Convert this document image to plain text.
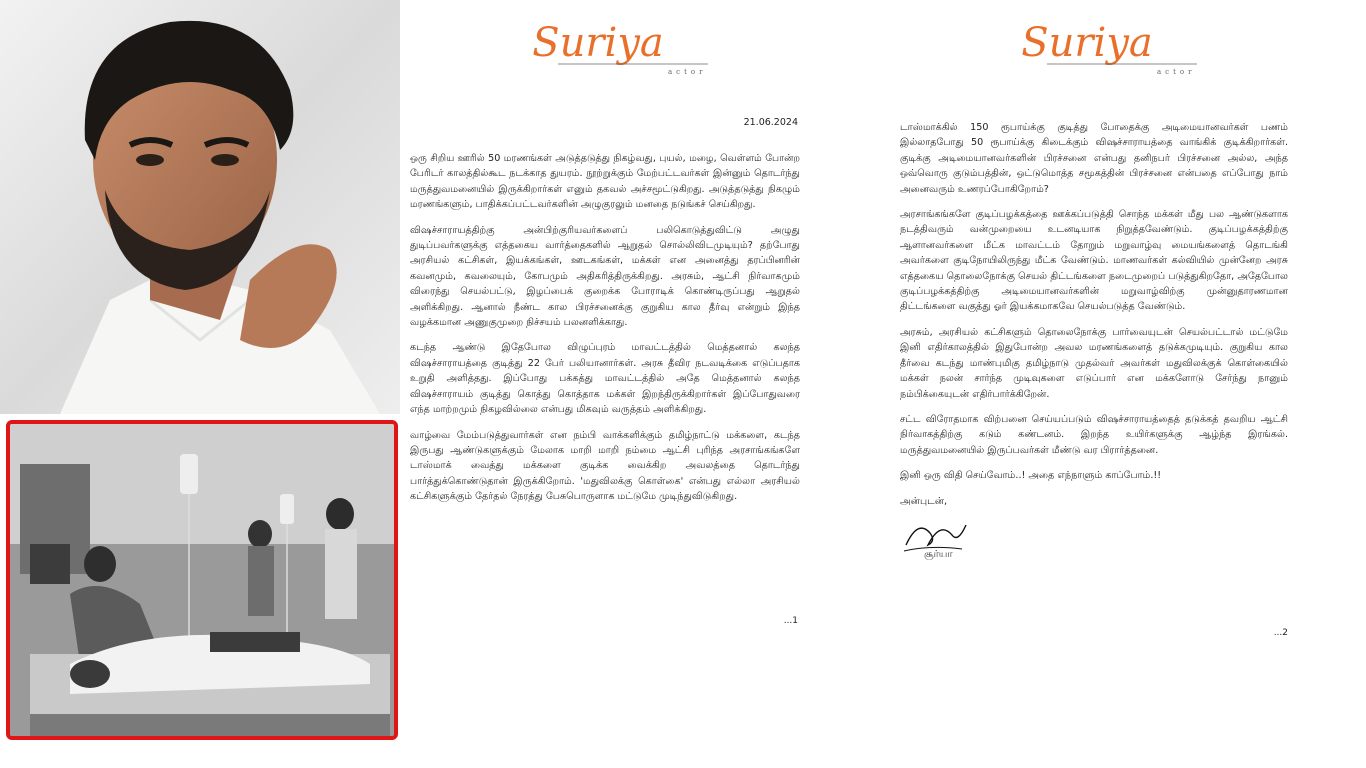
Suriya
actor
21.06.2024

ஒரு சிறிய ஊரில் 50 மரணங்கள் அடுத்தடுத்து நிகழ்வது, புயல், மழை, வெள்ளம் போன்ற பேரிடர் காலத்தில்கூட நடக்காத துயரம். நூற்றுக்கும் மேற்பட்டவர்கள் இன்னும் தொடர்ந்து மருத்துவமனையில் இருக்கிறார்கள் எனும் தகவல் அச்சமூட்டுகிறது. அடுத்தடுத்து நிகழும் மரணங்களும், பாதிக்கப்பட்டவர்களின் அழுகுரலும் மனதை நடுங்கச் செய்கிறது.

விஷச்சாராயத்திற்கு அன்பிற்குரியவர்களைப் பலிகொடுத்துவிட்டு அழுது துடிப்பவர்களுக்கு எத்தகைய வார்த்தைகளில் ஆறுதல் சொல்லிவிடமுடியும்? தற்போது அரசியல் கட்சிகள், இயக்கங்கள், ஊடகங்கள், மக்கள் என அனைத்து தரப்பினரின் கவனமும், கவலையும், கோபமும் அதிகரித்திருக்கிறது. அரசும், ஆட்சி நிர்வாகமும் விரைந்து செயல்பட்டு, இழப்பைக் குறைக்க போராடிக் கொண்டிருப்பது ஆறுதல் அளிக்கிறது. ஆனால் நீண்ட கால பிரச்சனைக்கு குறுகிய கால தீர்வு என்றும் இந்த வழக்கமான அணுகுமுறை நிச்சயம் பலனளிக்காது.

கடந்த ஆண்டு இதேபோல விழுப்புரம் மாவட்டத்தில் மெத்தனால் கலந்த விஷச்சாராயத்தை குடித்து 22 பேர் பலியானார்கள். அரசு தீவிர நடவடிக்கை எடுப்பதாக உறுதி அளித்தது. இப்போது பக்கத்து மாவட்டத்தில் அதே மெத்தனால் கலந்த விஷச்சாராயம் குடித்து கொத்து கொத்தாக மக்கள் இறந்திருக்கிறார்கள் இப்போதுவரை எந்த மாற்றமும் நிகழவில்லை என்பது மிகவும் வருத்தம் அளிக்கிறது.

வாழ்வை மேம்படுத்துவார்கள் என நம்பி வாக்களிக்கும் தமிழ்நாட்டு மக்களை, கடந்த இருபது ஆண்டுகளுக்கும் மேலாக மாறி மாறி நம்மை ஆட்சி புரிந்த அரசாங்கங்களே டாஸ்மாக் வைத்து மக்களை குடிக்க வைக்கிற அவலத்தை தொடர்ந்து பார்த்துக்கொண்டுதான் இருக்கிறோம். 'மதுவிலக்கு கொள்கை' என்பது எல்லா அரசியல் கட்சிகளுக்கும் தேர்தல் நேரத்து பேசுபொருளாக மட்டுமே முடிந்துவிடுகிறது.

...1
Suriya
actor

டாஸ்மாக்கில் 150 ரூபாய்க்கு குடித்து போதைக்கு அடிமையானவர்கள் பணம் இல்லாதபோது 50 ரூபாய்க்கு கிடைக்கும் விஷச்சாராயத்தை வாங்கிக் குடிக்கிறார்கள். குடிக்கு அடிமையானவர்களின் பிரச்சனை என்பது தனிநபர் பிரச்சனை அல்ல, அந்த ஒவ்வொரு குடும்பத்தின், ஒட்டுமொத்த சமூகத்தின் பிரச்சனை என்பதை எப்போது நாம் அனைவரும் உணரப்போகிறோம்?

அரசாங்கங்களே குடிப்பழக்கத்தை ஊக்கப்படுத்தி சொந்த மக்கள் மீது பல ஆண்டுகளாக நடத்திவரும் வன்முறையை உடனடியாக நிறுத்தவேண்டும். குடிப்பழக்கத்திற்கு ஆளானவர்களை மீட்க மாவட்டம் தோறும் மறுவாழ்வு மையங்களைத் தொடங்கி அவர்களை குடிநோயிலிருந்து மீட்க வேண்டும். மாணவர்கள் கல்வியில் முன்னேற அரசு எத்தகைய தொலைநோக்கு செயல் திட்டங்களை நடைமுறைப் படுத்துகிறதோ, அதேபோல குடிப்பழக்கத்திற்கு அடிமையானவர்களின் மறுவாழ்விற்கு முன்னுதாரணமான திட்டங்களை வகுத்து ஓர் இயக்கமாகவே செயல்படுத்த வேண்டும்.

அரசும், அரசியல் கட்சிகளும் தொலைநோக்கு பார்வையுடன் செயல்பட்டால் மட்டுமே இனி எதிர்காலத்தில் இதுபோன்ற அவல மரணங்களைத் தடுக்கமுடியும். குறுகிய கால தீர்வை கடந்து மாண்புமிகு தமிழ்நாடு முதல்வர் அவர்கள் மதுவிலக்குக் கொள்கையில் மக்கள் நலன் சார்ந்த முடிவுகளை எடுப்பார் என மக்களோடு சேர்ந்து நானும் நம்பிக்கையுடன் எதிர்பார்க்கிறேன்.

சட்ட விரோதமாக விற்பனை செய்யப்படும் விஷச்சாராயத்தைத் தடுக்கத் தவறிய ஆட்சி நிர்வாகத்திற்கு கடும் கண்டனம். இறந்த உயிர்களுக்கு ஆழ்ந்த இரங்கல். மருத்துவமனையில் இருப்பவர்கள் மீண்டு வர பிரார்த்தனை.

இனி ஒரு விதி செய்வோம்..! அதை எந்நாளும் காப்போம்.!!

அன்புடன்,
சூர்யா
...2
